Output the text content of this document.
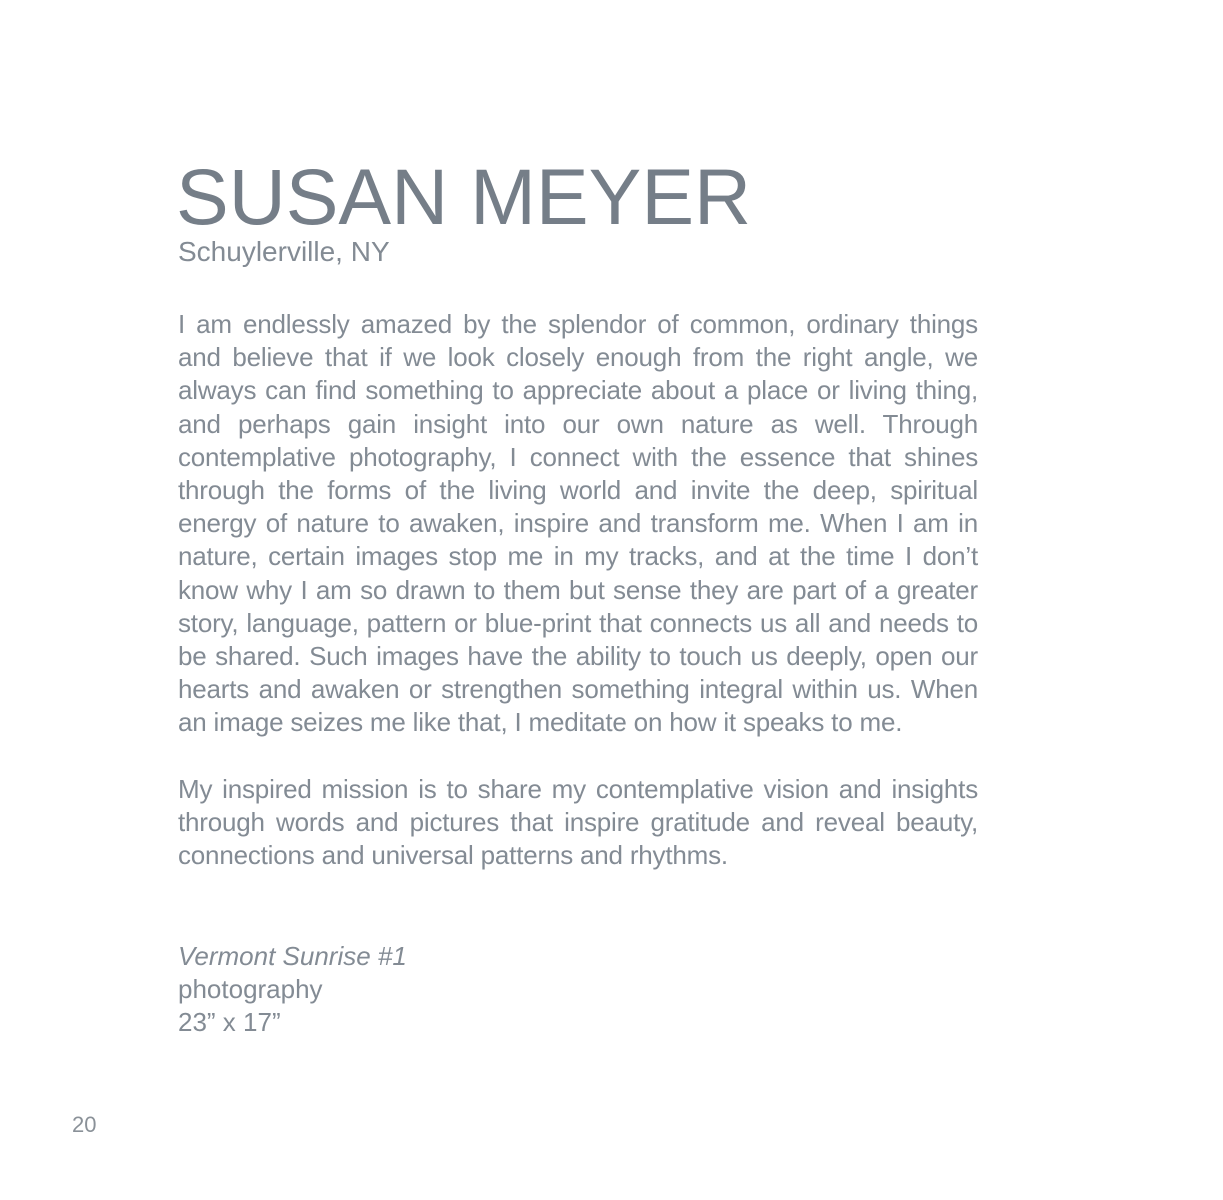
SUSAN MEYER
Schuylerville, NY

I am endlessly amazed by the splendor of common, ordinary things and believe that if we look closely enough from the right angle, we always can find something to appreciate about a place or living thing, and perhaps gain insight into our own nature as well. Through contemplative photography, I connect with the essence that shines through the forms of the living world and invite the deep, spiritual energy of nature to awaken, inspire and transform me. When I am in nature, certain images stop me in my tracks, and at the time I don’t know why I am so drawn to them but sense they are part of a greater story, language, pattern or blue-print that connects us all and needs to be shared. Such images have the ability to touch us deeply, open our hearts and awaken or strengthen something integral within us. When an image seizes me like that, I meditate on how it speaks to me.

My inspired mission is to share my contemplative vision and insights through words and pictures that inspire gratitude and reveal beauty, connections and universal patterns and rhythms.

Vermont Sunrise #1
photography
23” x 17”
20
